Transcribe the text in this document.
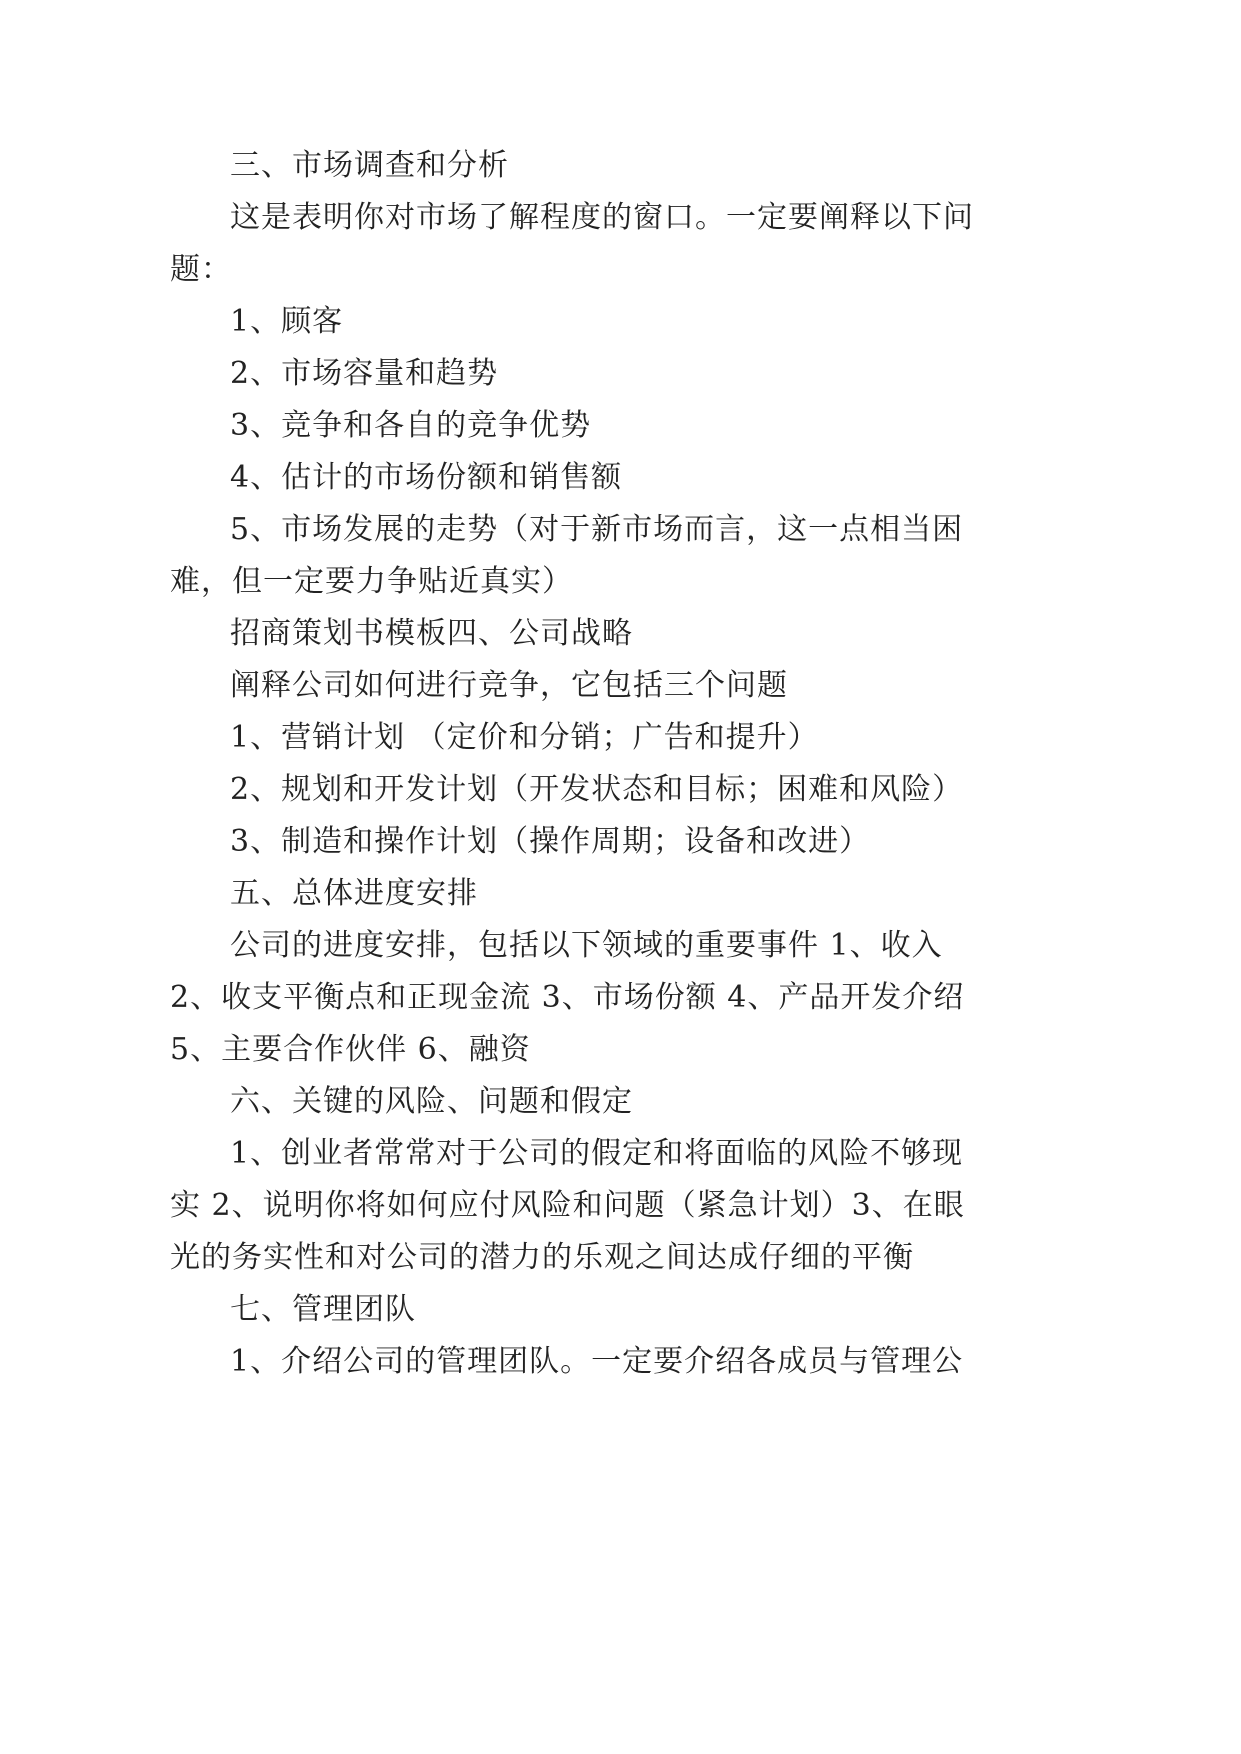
三、市场调查和分析
这是表明你对市场了解程度的窗口。一定要阐释以下问
题：
1、顾客
2、市场容量和趋势
3、竞争和各自的竞争优势
4、估计的市场份额和销售额
5、市场发展的走势（对于新市场而言，这一点相当困
难，但一定要力争贴近真实）
招商策划书模板四、公司战略
阐释公司如何进行竞争，它包括三个问题
1、营销计划 （定价和分销；广告和提升）
2、规划和开发计划（开发状态和目标；困难和风险）
3、制造和操作计划（操作周期；设备和改进）
五、总体进度安排
公司的进度安排，包括以下领域的重要事件 1、收入
2、收支平衡点和正现金流 3、市场份额 4、产品开发介绍
5、主要合作伙伴 6、融资
六、关键的风险、问题和假定
1、创业者常常对于公司的假定和将面临的风险不够现
实 2、说明你将如何应付风险和问题（紧急计划）3、在眼
光的务实性和对公司的潜力的乐观之间达成仔细的平衡
七、管理团队
1、介绍公司的管理团队。一定要介绍各成员与管理公
